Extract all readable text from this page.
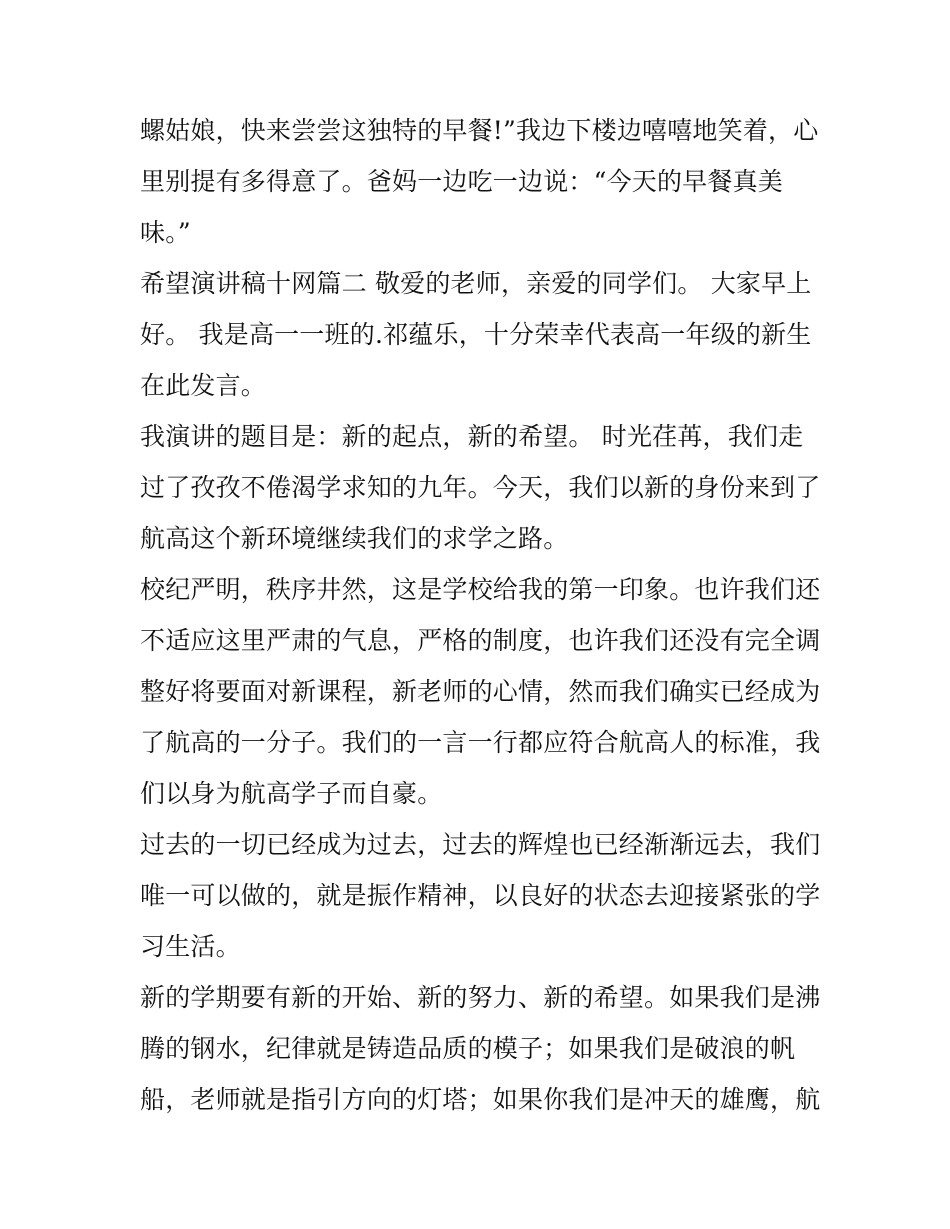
螺姑娘，快来尝尝这独特的早餐!”我边下楼边嘻嘻地笑着，心
里别提有多得意了。爸妈一边吃一边说：“今天的早餐真美
味。”
希望演讲稿十网篇二 敬爱的老师，亲爱的同学们。 大家早上
好。 我是高一一班的.祁蕴乐，十分荣幸代表高一年级的新生
在此发言。
我演讲的题目是：新的起点，新的希望。 时光荏苒，我们走
过了孜孜不倦渴学求知的九年。今天，我们以新的身份来到了
航高这个新环境继续我们的求学之路。
校纪严明，秩序井然，这是学校给我的第一印象。也许我们还
不适应这里严肃的气息，严格的制度，也许我们还没有完全调
整好将要面对新课程，新老师的心情，然而我们确实已经成为
了航高的一分子。我们的一言一行都应符合航高人的标准，我
们以身为航高学子而自豪。
过去的一切已经成为过去，过去的辉煌也已经渐渐远去，我们
唯一可以做的，就是振作精神，以良好的状态去迎接紧张的学
习生活。
新的学期要有新的开始、新的努力、新的希望。如果我们是沸
腾的钢水，纪律就是铸造品质的模子；如果我们是破浪的帆
船，老师就是指引方向的灯塔；如果你我们是冲天的雄鹰，航
